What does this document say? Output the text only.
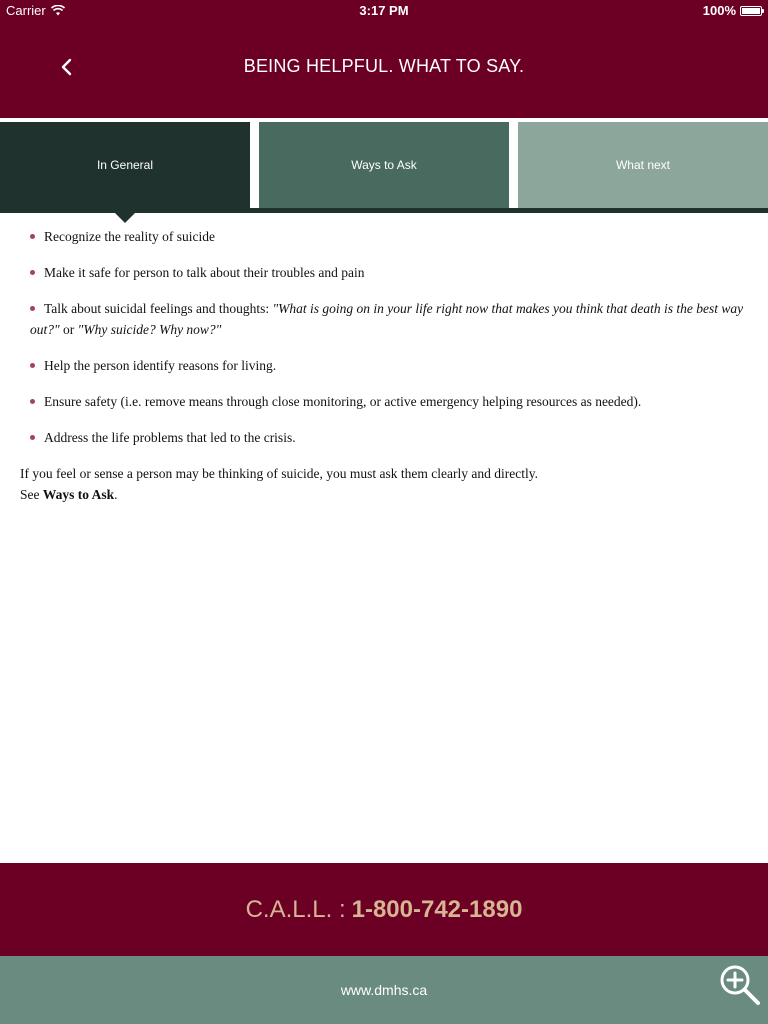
Carrier	3:17 PM	100%
BEING HELPFUL. WHAT TO SAY.
In General	Ways to Ask	What next
Recognize the reality of suicide
Make it safe for person to talk about their troubles and pain
Talk about suicidal feelings and thoughts: "What is going on in your life right now that makes you think that death is the best way out?" or "Why suicide? Why now?"
Help the person identify reasons for living.
Ensure safety (i.e. remove means through close monitoring, or active emergency helping resources as needed).
Address the life problems that led to the crisis.

If you feel or sense a person may be thinking of suicide, you must ask them clearly and directly.
See Ways to Ask.

C.A.L.L. : 1-800-742-1890
www.dmhs.ca
